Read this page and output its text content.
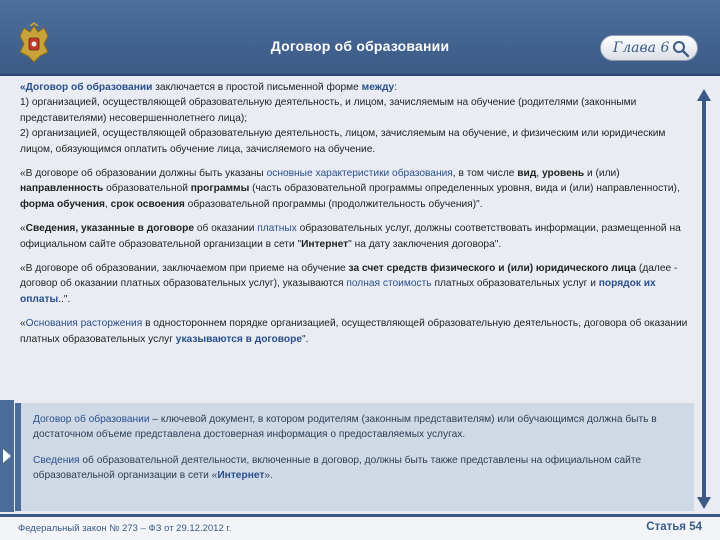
Договор об образовании	Глава 6

«Договор об образовании заключается в простой письменной форме между:
1) организацией, осуществляющей образовательную деятельность, и лицом, зачисляемым на обучение (родителями (законными представителями) несовершеннолетнего лица);
2) организацией, осуществляющей образовательную деятельность, лицом, зачисляемым на обучение, и физическим или юридическим лицом, обязующимся оплатить обучение лица, зачисляемого на обучение.

«В договоре об образовании должны быть указаны основные характеристики образования, в том числе вид, уровень и (или) направленность образовательной программы (часть образовательной программы определенных уровня, вида и (или) направленности), форма обучения, срок освоения образовательной программы (продолжительность обучения)".

«Сведения, указанные в договоре об оказании платных образовательных услуг, должны соответствовать информации, размещенной на официальном сайте образовательной организации в сети "Интернет" на дату заключения договора".

«В договоре об образовании, заключаемом при приеме на обучение за счет средств физического и (или) юридического лица (далее - договор об оказании платных образовательных услуг), указываются полная стоимость платных образовательных услуг и порядок их оплаты..".

«Основания расторжения в одностороннем порядке организацией, осуществляющей образовательную деятельность, договора об оказании платных образовательных услуг указываются в договоре".

Договор об образовании – ключевой документ, в котором родителям (законным представителям) или обучающимся должна быть в достаточном объеме представлена достоверная информация о предоставляемых услугах.

Сведения об образовательной деятельности, включенные в договор, должны быть также представлены на официальном сайте образовательной организации в сети «Интернет».

Федеральный закон № 273 – ФЗ от 29.12.2012 г.	Статья 54
